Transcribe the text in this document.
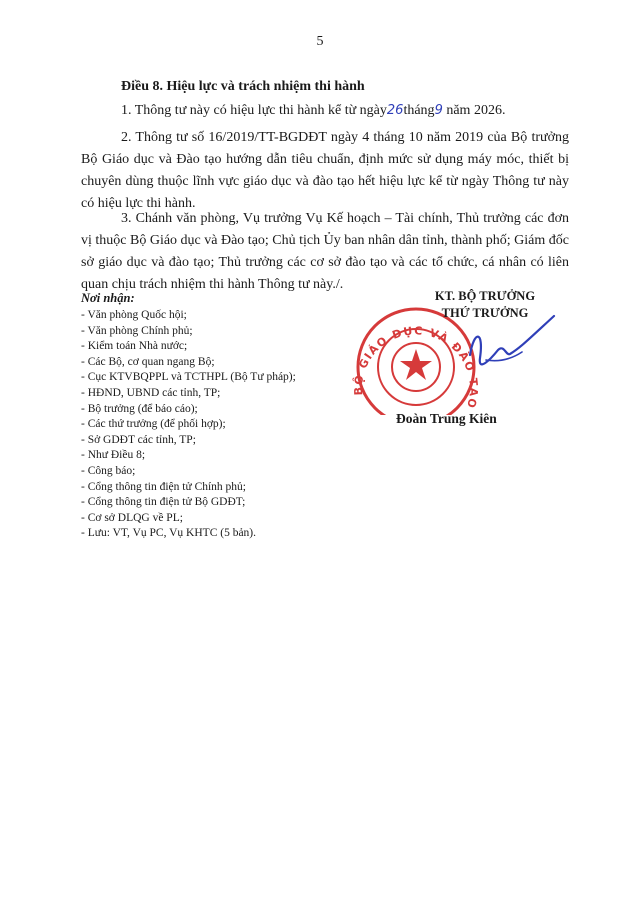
5
Điều 8. Hiệu lực và trách nhiệm thi hành
1. Thông tư này có hiệu lực thi hành kể từ ngày26tháng9 năm 2026.
2. Thông tư số 16/2019/TT-BGDĐT ngày 4 tháng 10 năm 2019 của Bộ trưởng Bộ Giáo dục và Đào tạo hướng dẫn tiêu chuẩn, định mức sử dụng máy móc, thiết bị chuyên dùng thuộc lĩnh vực giáo dục và đào tạo hết hiệu lực kể từ ngày Thông tư này có hiệu lực thi hành.
3. Chánh văn phòng, Vụ trưởng Vụ Kế hoạch – Tài chính, Thủ trưởng các đơn vị thuộc Bộ Giáo dục và Đào tạo; Chủ tịch Ủy ban nhân dân tỉnh, thành phố; Giám đốc sở giáo dục và đào tạo; Thủ trưởng các cơ sở đào tạo và các tổ chức, cá nhân có liên quan chịu trách nhiệm thi hành Thông tư này./.
Nơi nhận:
- Văn phòng Quốc hội;
- Văn phòng Chính phủ;
- Kiểm toán Nhà nước;
- Các Bộ, cơ quan ngang Bộ;
- Cục KTVBQPPL và TCTHPL (Bộ Tư pháp);
- HĐND, UBND các tỉnh, TP;
- Bộ trưởng (để báo cáo);
- Các thứ trưởng (để phối hợp);
- Sở GDĐT các tỉnh, TP;
- Như Điều 8;
- Công báo;
- Cổng thông tin điện tử Chính phủ;
- Cổng thông tin điện tử Bộ GDĐT;
- Cơ sở DLQG về PL;
- Lưu: VT, Vụ PC, Vụ KHTC (5 bản).
BỘ GIÁO DỤC VÀ ĐÀO TẠO
KT. BỘ TRƯỞNG
THỨ TRƯỞNG
Đoàn Trung Kiên
